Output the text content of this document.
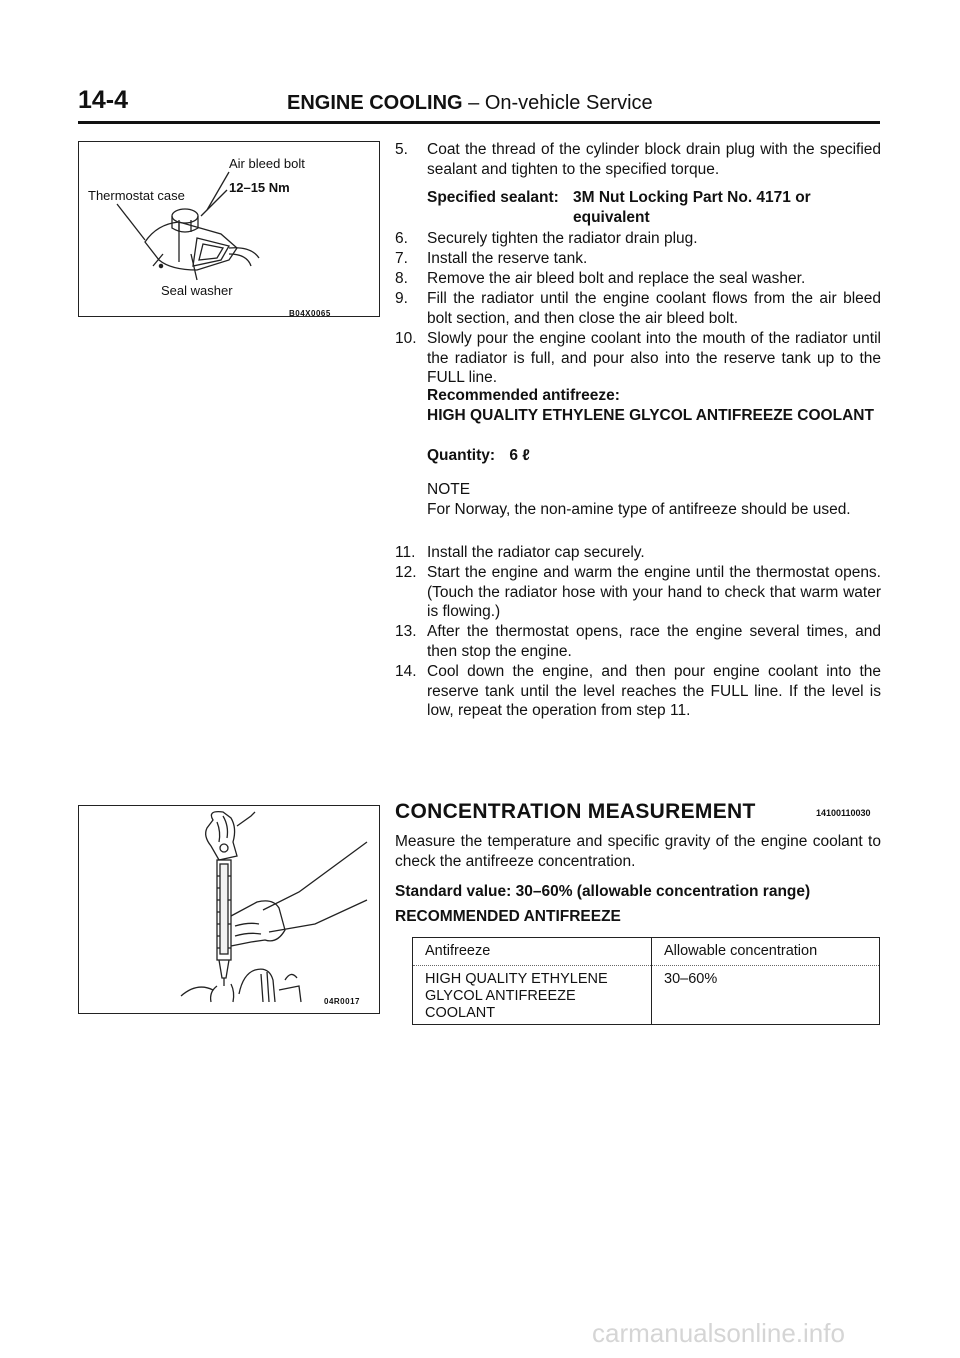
14-4	ENGINE COOLING – On-vehicle Service
Air bleed bolt
Thermostat case
12–15 Nm
Seal washer
B04X0065
04R0017
5.	Coat the thread of the cylinder block drain plug with the specified sealant and tighten to the specified torque.
Specified sealant: 3M Nut Locking Part No. 4171 or
equivalent
6.	Securely tighten the radiator drain plug.
7.	Install the reserve tank.
8.	Remove the air bleed bolt and replace the seal washer.
9.	Fill the radiator until the engine coolant flows from the air bleed bolt section, and then close the air bleed bolt.
10. Slowly pour the engine coolant into the mouth of the radiator until the radiator is full, and pour also into the reserve tank up to the FULL line.
Recommended antifreeze:
HIGH QUALITY ETHYLENE GLYCOL ANTIFREEZE COOLANT
Quantity: 6 ℓ
NOTE
For Norway, the non-amine type of antifreeze should be used.
11. Install the radiator cap securely.
12. Start the engine and warm the engine until the thermostat opens. (Touch the radiator hose with your hand to check that warm water is flowing.)
13. After the thermostat opens, race the engine several times, and then stop the engine.
14. Cool down the engine, and then pour engine coolant into the reserve tank until the level reaches the FULL line. If the level is low, repeat the operation from step 11.
CONCENTRATION MEASUREMENT	14100110030
Measure the temperature and specific gravity of the engine coolant to check the antifreeze concentration.
Standard value: 30–60% (allowable concentration range)
RECOMMENDED ANTIFREEZE
Antifreeze	Allowable concentration
HIGH QUALITY ETHYLENE GLYCOL ANTIFREEZE COOLANT	30–60%
carmanualsonline.info
